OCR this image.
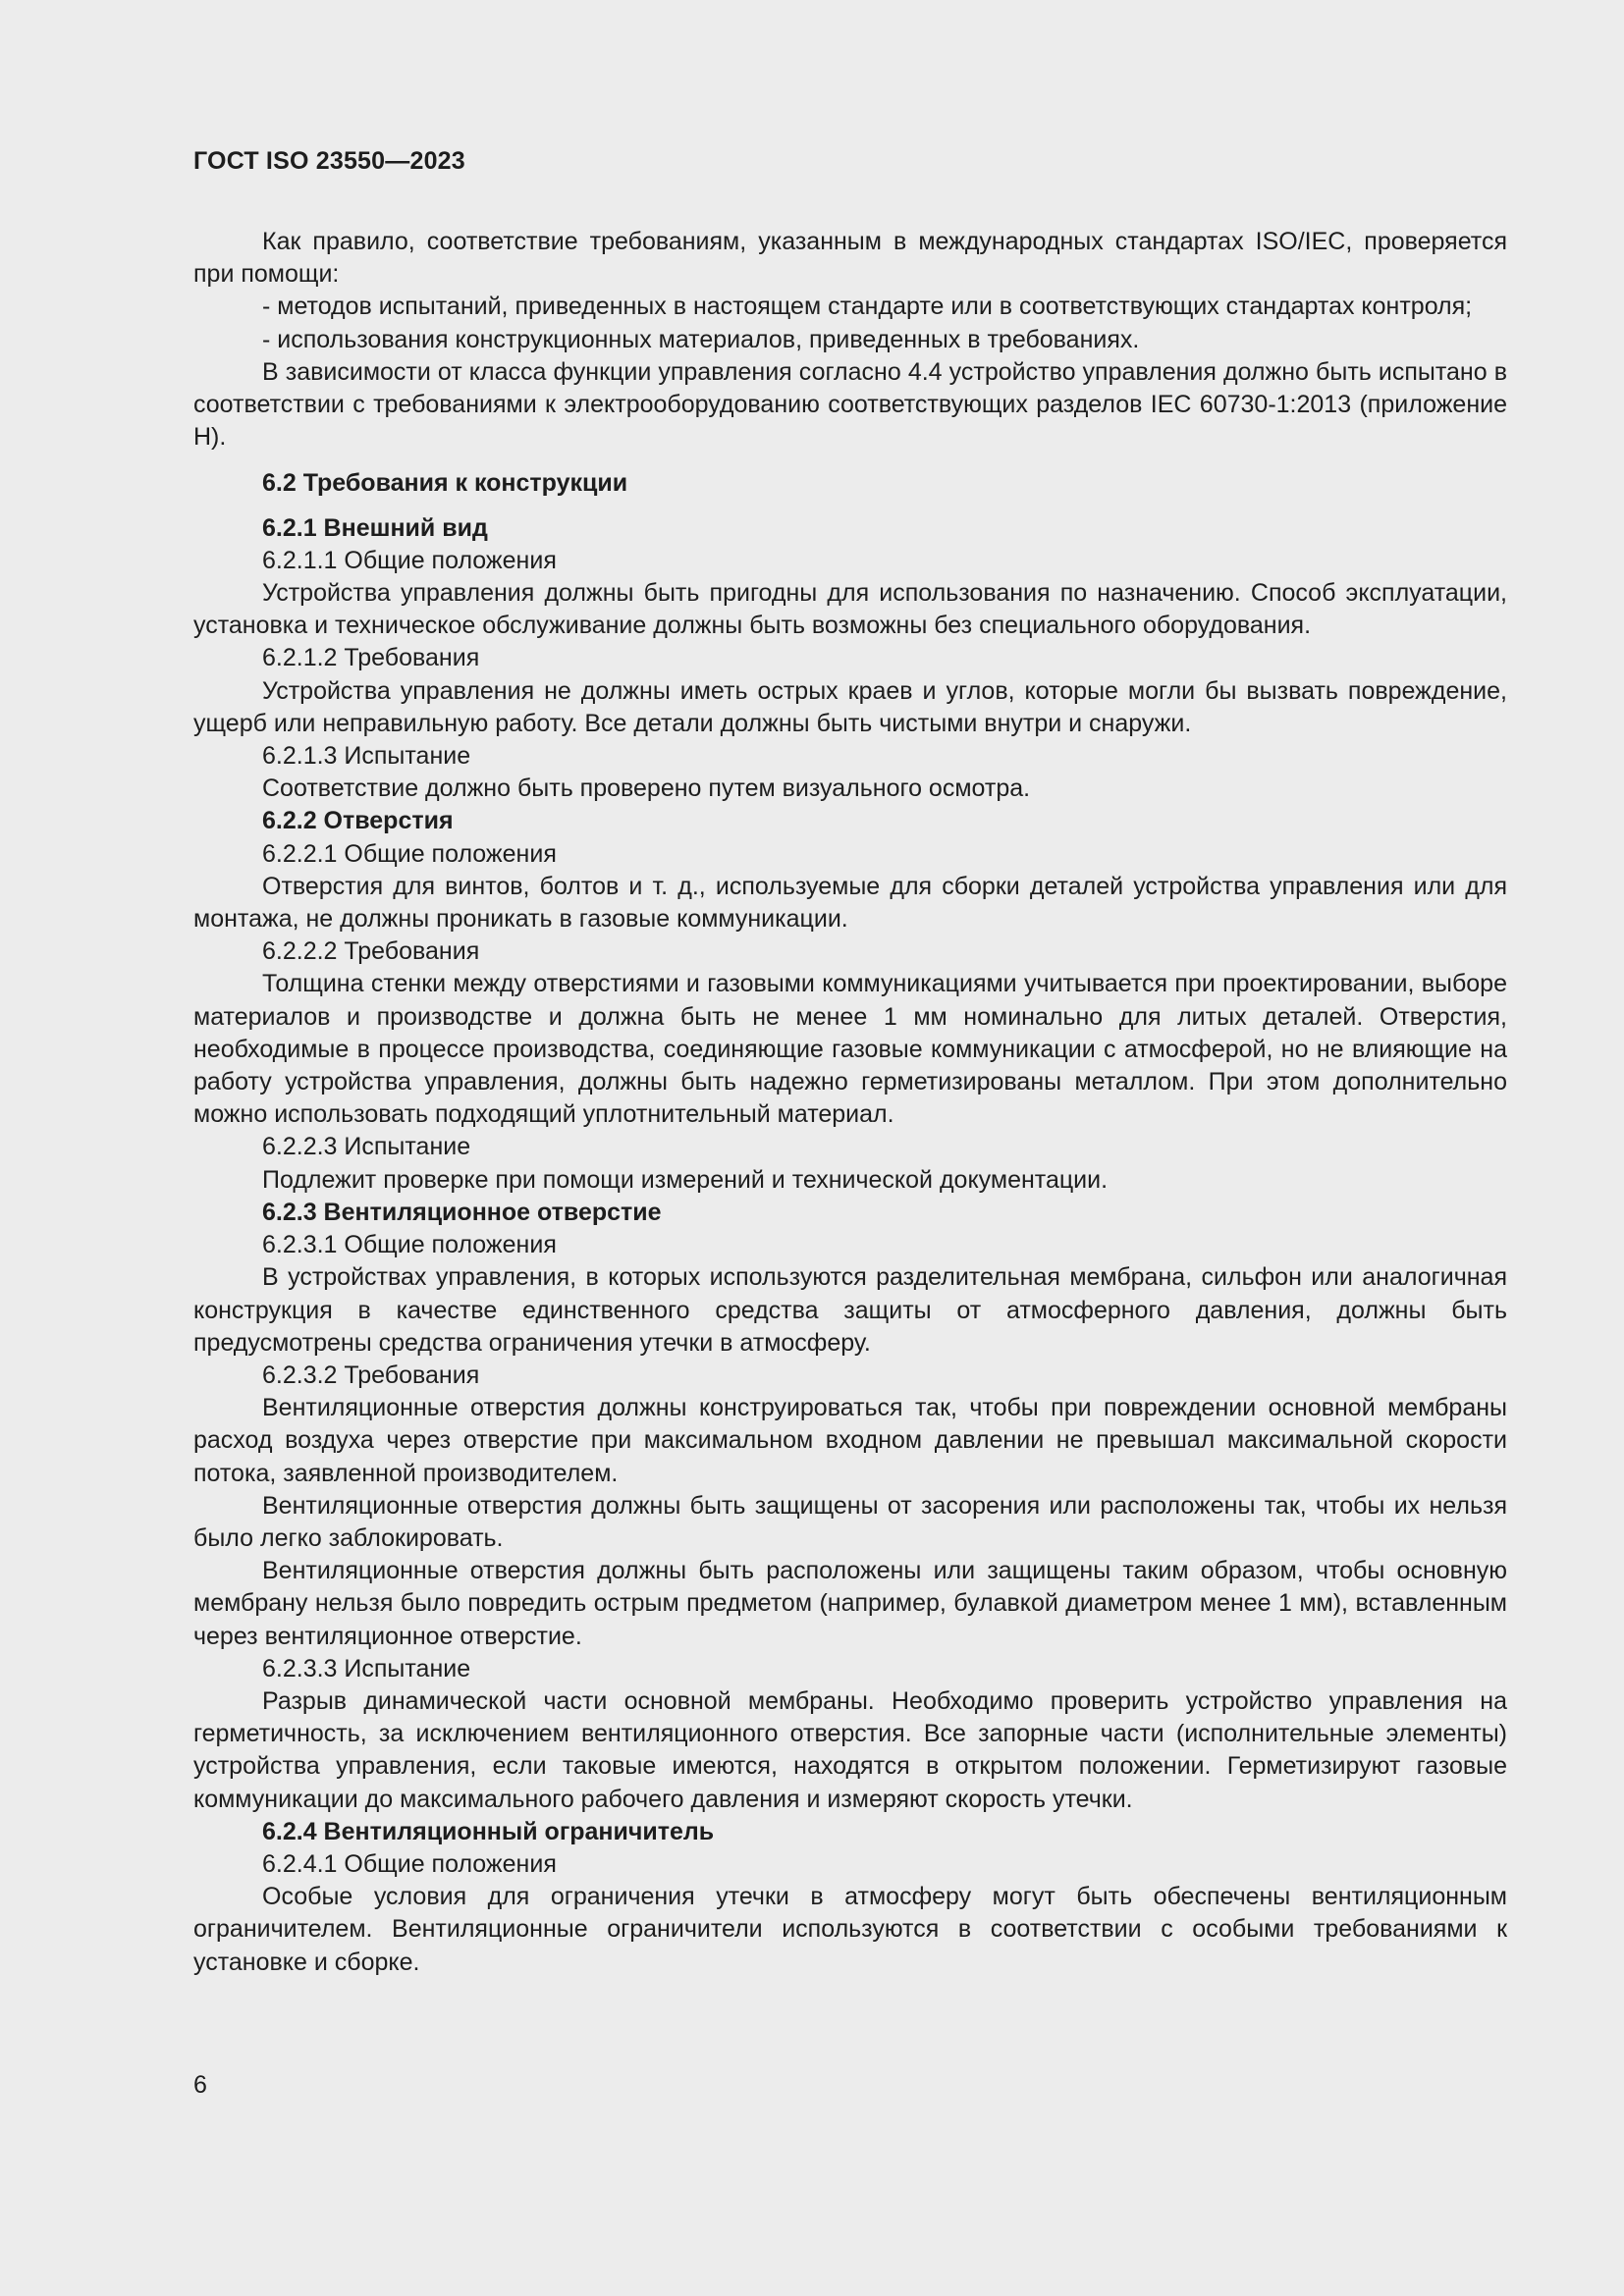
ГОСТ ISO 23550—2023

Как правило, соответствие требованиям, указанным в международных стандартах ISO/IEC, проверяется при помощи:

- методов испытаний, приведенных в настоящем стандарте или в соответствующих стандартах контроля;

- использования конструкционных материалов, приведенных в требованиях.

В зависимости от класса функции управления согласно 4.4 устройство управления должно быть испытано в соответствии с требованиями к электрооборудованию соответствующих разделов IEC 60730-1:2013 (приложение H).

6.2 Требования к конструкции

6.2.1 Внешний вид

6.2.1.1 Общие положения

Устройства управления должны быть пригодны для использования по назначению. Способ эксплуатации, установка и техническое обслуживание должны быть возможны без специального оборудования.

6.2.1.2 Требования

Устройства управления не должны иметь острых краев и углов, которые могли бы вызвать повреждение, ущерб или неправильную работу. Все детали должны быть чистыми внутри и снаружи.

6.2.1.3 Испытание

Соответствие должно быть проверено путем визуального осмотра.

6.2.2 Отверстия

6.2.2.1 Общие положения

Отверстия для винтов, болтов и т. д., используемые для сборки деталей устройства управления или для монтажа, не должны проникать в газовые коммуникации.

6.2.2.2 Требования

Толщина стенки между отверстиями и газовыми коммуникациями учитывается при проектировании, выборе материалов и производстве и должна быть не менее 1 мм номинально для литых деталей. Отверстия, необходимые в процессе производства, соединяющие газовые коммуникации с атмосферой, но не влияющие на работу устройства управления, должны быть надежно герметизированы металлом. При этом дополнительно можно использовать подходящий уплотнительный материал.

6.2.2.3 Испытание

Подлежит проверке при помощи измерений и технической документации.

6.2.3 Вентиляционное отверстие

6.2.3.1 Общие положения

В устройствах управления, в которых используются разделительная мембрана, сильфон или аналогичная конструкция в качестве единственного средства защиты от атмосферного давления, должны быть предусмотрены средства ограничения утечки в атмосферу.

6.2.3.2 Требования

Вентиляционные отверстия должны конструироваться так, чтобы при повреждении основной мембраны расход воздуха через отверстие при максимальном входном давлении не превышал максимальной скорости потока, заявленной производителем.

Вентиляционные отверстия должны быть защищены от засорения или расположены так, чтобы их нельзя было легко заблокировать.

Вентиляционные отверстия должны быть расположены или защищены таким образом, чтобы основную мембрану нельзя было повредить острым предметом (например, булавкой диаметром менее 1 мм), вставленным через вентиляционное отверстие.

6.2.3.3 Испытание

Разрыв динамической части основной мембраны. Необходимо проверить устройство управления на герметичность, за исключением вентиляционного отверстия. Все запорные части (исполнительные элементы) устройства управления, если таковые имеются, находятся в открытом положении. Герметизируют газовые коммуникации до максимального рабочего давления и измеряют скорость утечки.

6.2.4 Вентиляционный ограничитель

6.2.4.1 Общие положения

Особые условия для ограничения утечки в атмосферу могут быть обеспечены вентиляционным ограничителем. Вентиляционные ограничители используются в соответствии с особыми требованиями к установке и сборке.

6
